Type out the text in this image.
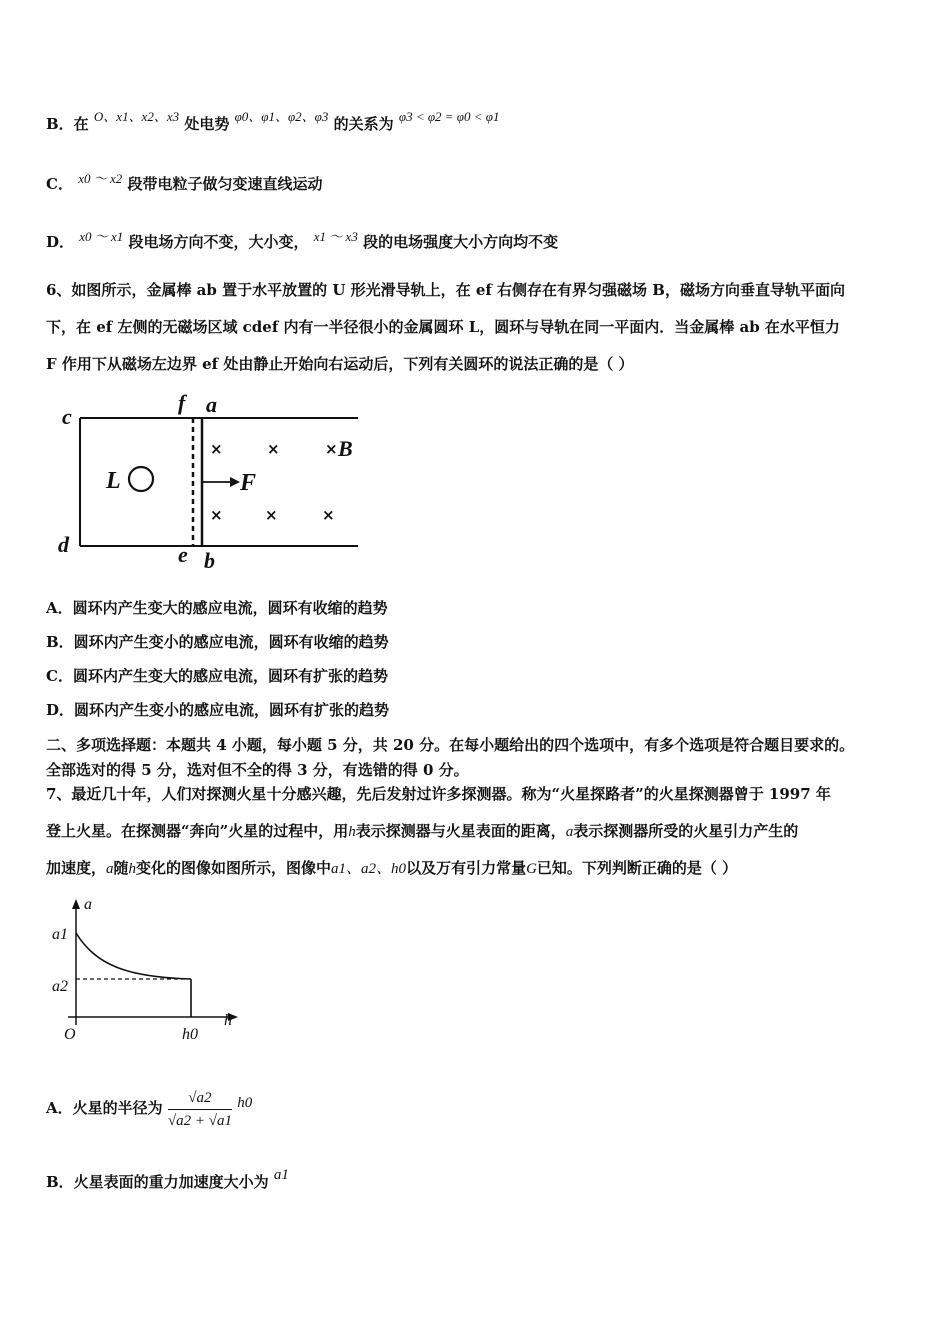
B．在 O、x1、x2、x3 处电势 φ0、φ1、φ2、φ3 的关系为 φ3 < φ2 = φ0 < φ1
C． x0 ～ x2 段带电粒子做匀变速直线运动
D． x0 ～ x1 段电场方向不变，大小变， x1 ～ x3 段的电场强度大小方向均不变
6、如图所示，金属棒 ab 置于水平放置的 U 形光滑导轨上，在 ef 右侧存在有界匀强磁场 B，磁场方向垂直导轨平面向
下，在 ef 左侧的无磁场区域 cdef 内有一半径很小的金属圆环 L，圆环与导轨在同一平面内．当金属棒 ab 在水平恒力
F 作用下从磁场左边界 ef 处由静止开始向右运动后，下列有关圆环的说法正确的是（ ）
c
f a
d	e b
L	F
B
×	×	×
×	×	×
A．圆环内产生变大的感应电流，圆环有收缩的趋势
B．圆环内产生变小的感应电流，圆环有收缩的趋势
C．圆环内产生变大的感应电流，圆环有扩张的趋势
D．圆环内产生变小的感应电流，圆环有扩张的趋势
二、多项选择题：本题共 4 小题，每小题 5 分，共 20 分。在每小题给出的四个选项中，有多个选项是符合题目要求的。
全部选对的得 5 分，选对但不全的得 3 分，有选错的得 0 分。
7、最近几十年，人们对探测火星十分感兴趣，先后发射过许多探测器。称为“火星探路者”的火星探测器曾于 1997 年
登上火星。在探测器“奔向”火星的过程中，用h表示探测器与火星表面的距离，a表示探测器所受的火星引力产生的
加速度，a随h变化的图像如图所示，图像中a1、a2、h0以及万有引力常量G已知。下列判断正确的是（ ）
a
h
a1
a2
O	h0
A．火星的半径为 $\frac{√a2}{√a2 + √a1} h0$
B．火星表面的重力加速度大小为 a1
